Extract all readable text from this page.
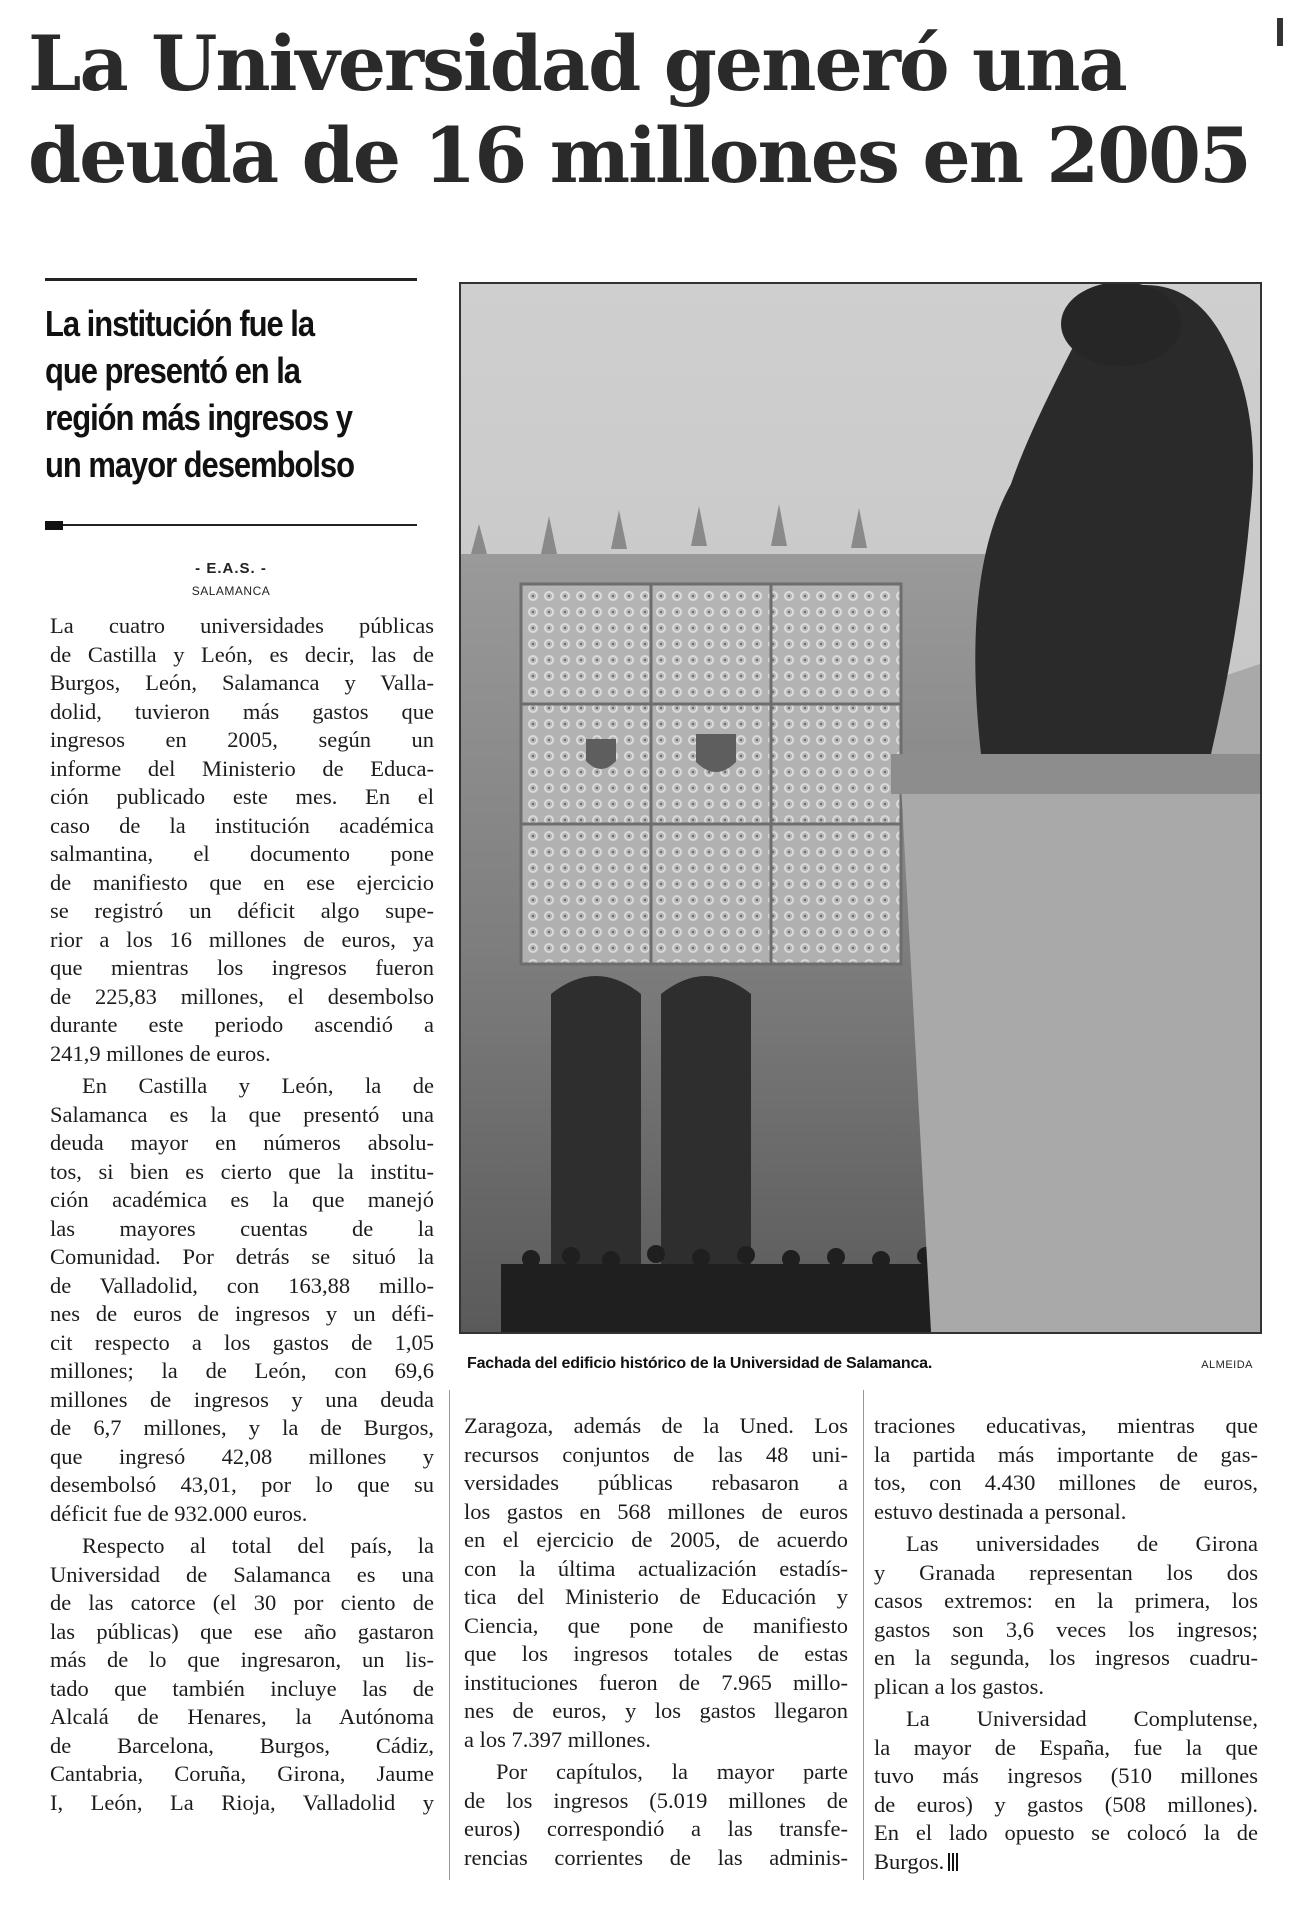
La Universidad generó una
deuda de 16 millones en 2005
La institución fue la
que presentó en la
región más ingresos y
un mayor desembolso
- E.A.S. -
SALAMANCA
La cuatro universidades públicas
de Castilla y León, es decir, las de
Burgos, León, Salamanca y Valla-
dolid, tuvieron más gastos que
ingresos en 2005, según un
informe del Ministerio de Educa-
ción publicado este mes. En el
caso de la institución académica
salmantina, el documento pone
de manifiesto que en ese ejercicio
se registró un déficit algo supe-
rior a los 16 millones de euros, ya
que mientras los ingresos fueron
de 225,83 millones, el desembolso
durante este periodo ascendió a
241,9 millones de euros.
En Castilla y León, la de
Salamanca es la que presentó una
deuda mayor en números absolu-
tos, si bien es cierto que la institu-
ción académica es la que manejó
las mayores cuentas de la
Comunidad. Por detrás se situó la
de Valladolid, con 163,88 millo-
nes de euros de ingresos y un défi-
cit respecto a los gastos de 1,05
millones; la de León, con 69,6
millones de ingresos y una deuda
de 6,7 millones, y la de Burgos,
que ingresó 42,08 millones y
desembolsó 43,01, por lo que su
déficit fue de 932.000 euros.
Respecto al total del país, la
Universidad de Salamanca es una
de las catorce (el 30 por ciento de
las públicas) que ese año gastaron
más de lo que ingresaron, un lis-
tado que también incluye las de
Alcalá de Henares, la Autónoma
de Barcelona, Burgos, Cádiz,
Cantabria, Coruña, Girona, Jaume
I, León, La Rioja, Valladolid y
Fachada del edificio histórico de la Universidad de Salamanca.	ALMEIDA
Zaragoza, además de la Uned. Los
recursos conjuntos de las 48 uni-
versidades públicas rebasaron a
los gastos en 568 millones de euros
en el ejercicio de 2005, de acuerdo
con la última actualización estadís-
tica del Ministerio de Educación y
Ciencia, que pone de manifiesto
que los ingresos totales de estas
instituciones fueron de 7.965 millo-
nes de euros, y los gastos llegaron
a los 7.397 millones.
Por capítulos, la mayor parte
de los ingresos (5.019 millones de
euros) correspondió a las transfe-
rencias corrientes de las adminis-
traciones educativas, mientras que
la partida más importante de gas-
tos, con 4.430 millones de euros,
estuvo destinada a personal.
Las universidades de Girona
y Granada representan los dos
casos extremos: en la primera, los
gastos son 3,6 veces los ingresos;
en la segunda, los ingresos cuadru-
plican a los gastos.
La Universidad Complutense,
la mayor de España, fue la que
tuvo más ingresos (510 millones
de euros) y gastos (508 millones).
En el lado opuesto se colocó la de
Burgos.
